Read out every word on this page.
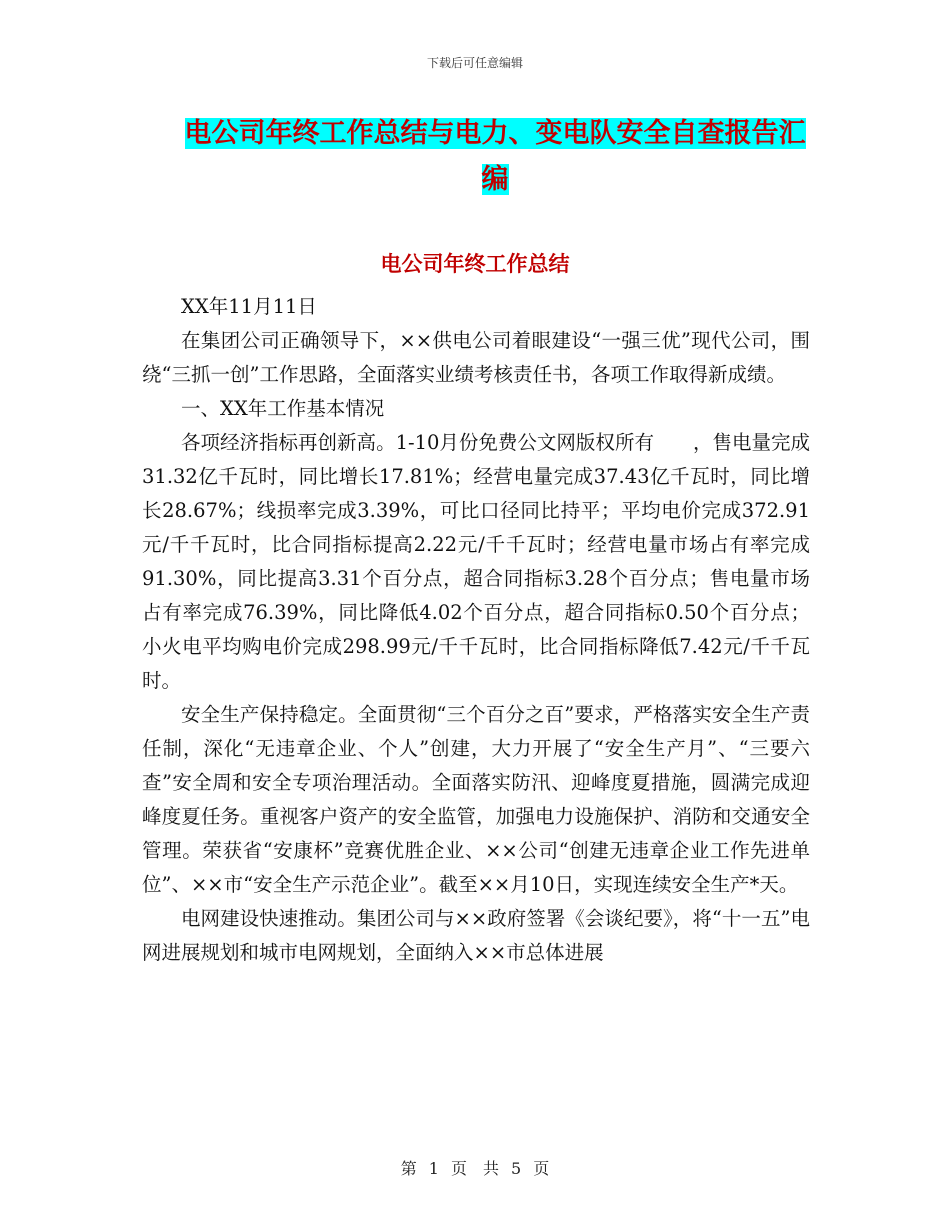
下载后可任意编辑
电公司年终工作总结与电力、变电队安全自查报告汇编
电公司年终工作总结

XX年11月11日

在集团公司正确领导下，××供电公司着眼建设“一强三优”现代公司，围绕“三抓一创”工作思路，全面落实业绩考核责任书，各项工作取得新成绩。

一、XX年工作基本情况

各项经济指标再创新高。1-10月份免费公文网版权所有　　，售电量完成31.32亿千瓦时，同比增长17.81%；经营电量完成37.43亿千瓦时，同比增长28.67%；线损率完成3.39%，可比口径同比持平；平均电价完成372.91元/千千瓦时，比合同指标提高2.22元/千千瓦时；经营电量市场占有率完成91.30%，同比提高3.31个百分点，超合同指标3.28个百分点；售电量市场占有率完成76.39%，同比降低4.02个百分点，超合同指标0.50个百分点；小火电平均购电价完成298.99元/千千瓦时，比合同指标降低7.42元/千千瓦时。

安全生产保持稳定。全面贯彻“三个百分之百”要求，严格落实安全生产责任制，深化“无违章企业、个人”创建，大力开展了“安全生产月”、“三要六查”安全周和安全专项治理活动。全面落实防汛、迎峰度夏措施，圆满完成迎峰度夏任务。重视客户资产的安全监管，加强电力设施保护、消防和交通安全管理。荣获省“安康杯”竞赛优胜企业、××公司“创建无违章企业工作先进单位”、××市“安全生产示范企业”。截至××月10日，实现连续安全生产*天。

电网建设快速推动。集团公司与××政府签署《会谈纪要》，将“十一五”电网进展规划和城市电网规划，全面纳入××市总体进展

第 1 页　共 5 页
